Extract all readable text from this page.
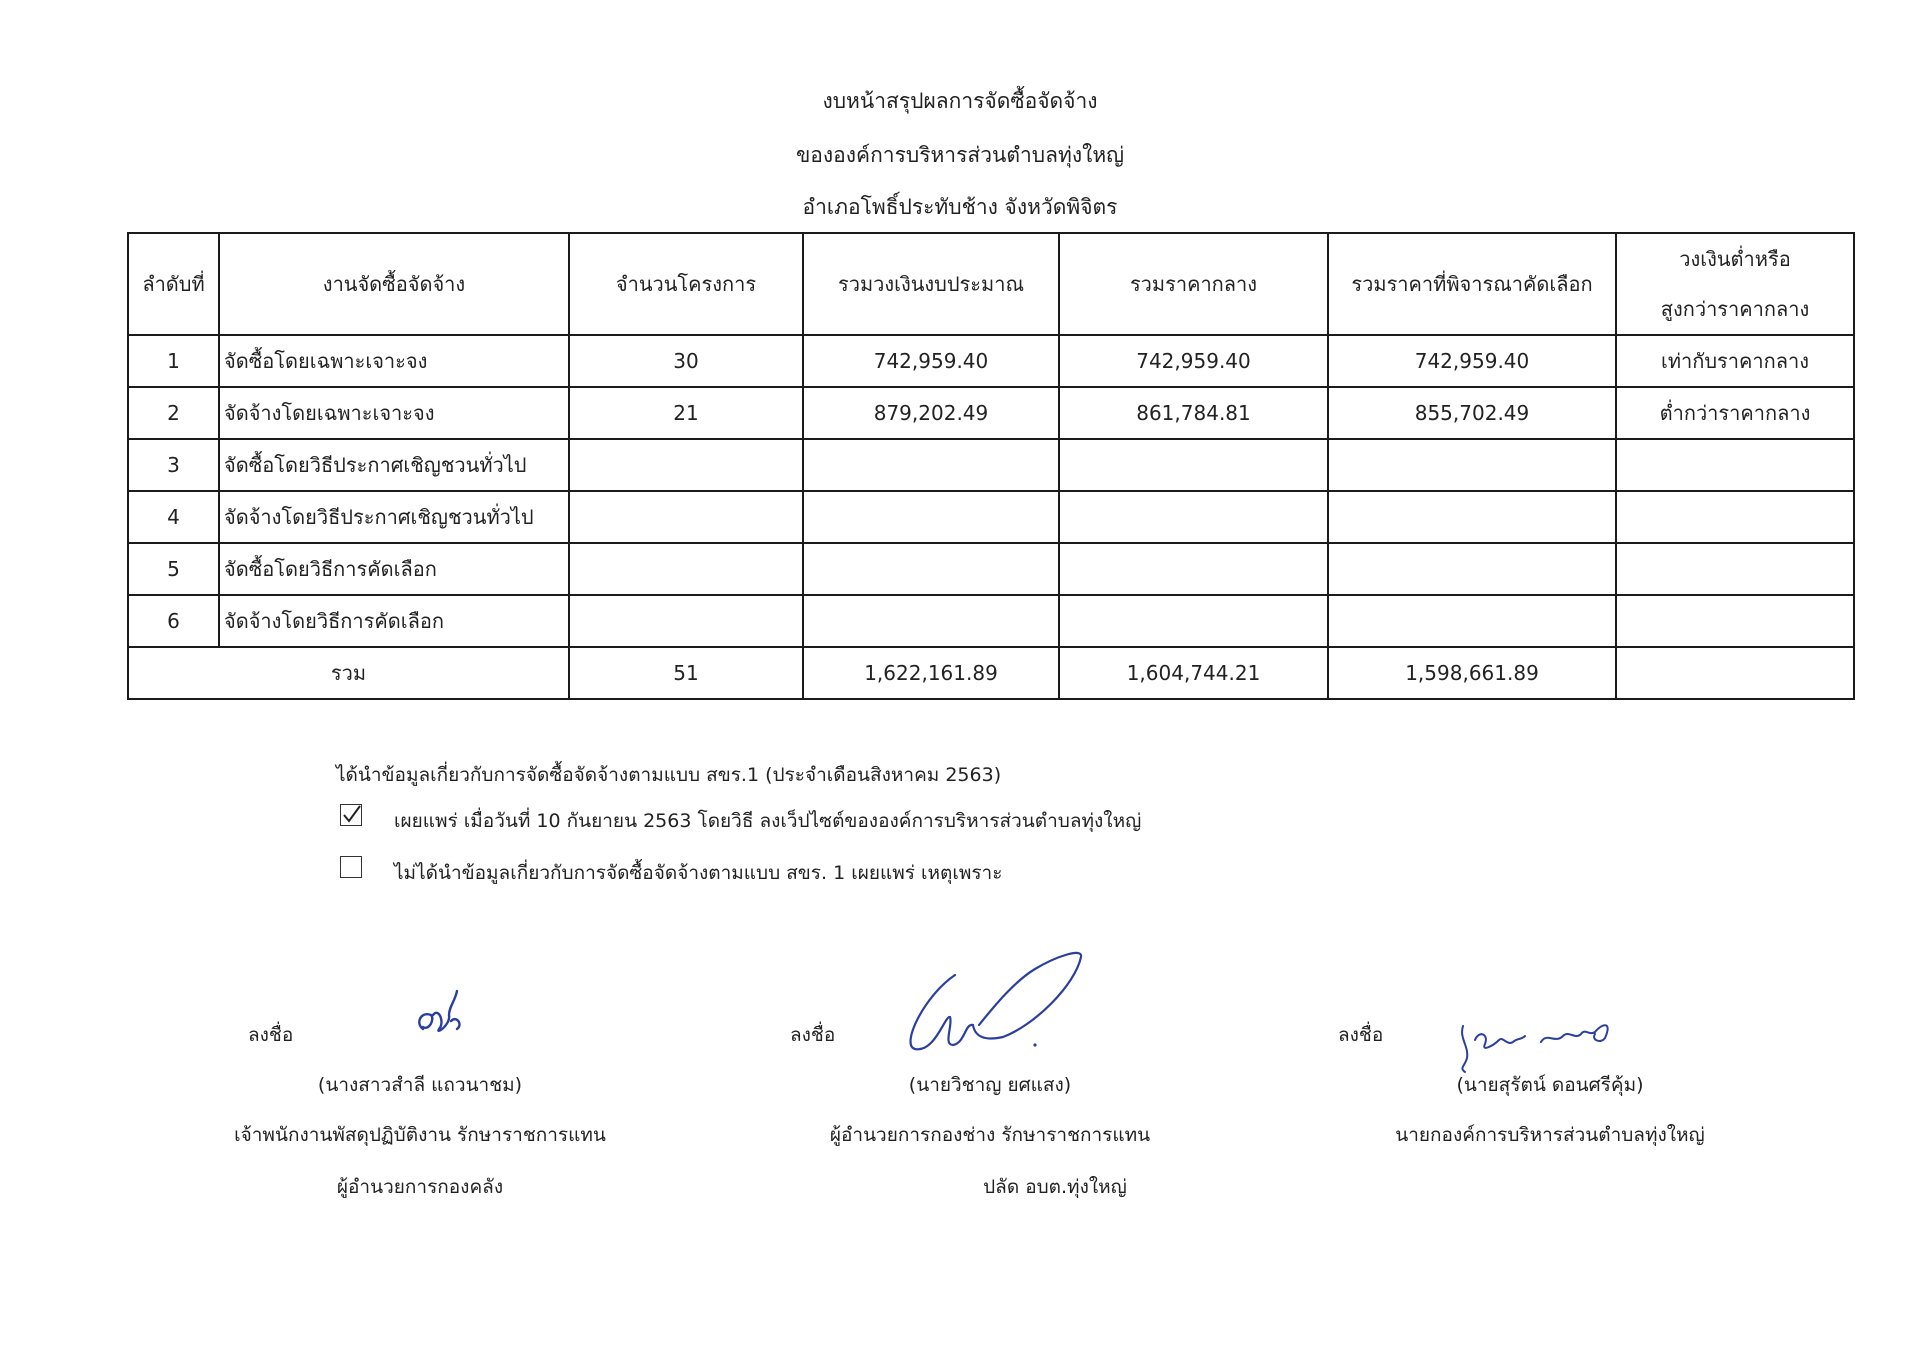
งบหน้าสรุปผลการจัดซื้อจัดจ้าง
ขององค์การบริหารส่วนตำบลทุ่งใหญ่
อำเภอโพธิ์ประทับช้าง จังหวัดพิจิตร
ลำดับที่	งานจัดซื้อจัดจ้าง	จำนวนโครงการ	รวมวงเงินงบประมาณ	รวมราคากลาง	รวมราคาที่พิจารณาคัดเลือก	วงเงินต่ำหรือ
สูงกว่าราคากลาง

1	จัดซื้อโดยเฉพาะเจาะจง	30	742,959.40	742,959.40	742,959.40	เท่ากับราคากลาง
2	จัดจ้างโดยเฉพาะเจาะจง	21	879,202.49	861,784.81	855,702.49	ต่ำกว่าราคากลาง
3	จัดซื้อโดยวิธีประกาศเชิญชวนทั่วไป					
4	จัดจ้างโดยวิธีประกาศเชิญชวนทั่วไป					
5	จัดซื้อโดยวิธีการคัดเลือก					
6	จัดจ้างโดยวิธีการคัดเลือก					
รวม		51	1,622,161.89	1,604,744.21	1,598,661.89	
ได้นำข้อมูลเกี่ยวกับการจัดซื้อจัดจ้างตามแบบ สขร.1 (ประจำเดือนสิงหาคม 2563)
เผยแพร่ เมื่อวันที่ 10 กันยายน 2563 โดยวิธี ลงเว็ปไซต์ขององค์การบริหารส่วนตำบลทุ่งใหญ่
ไม่ได้นำข้อมูลเกี่ยวกับการจัดซื้อจัดจ้างตามแบบ สขร. 1 เผยแพร่ เหตุเพราะ
ลงชื่อ
(นางสาวสำลี แถวนาชม)
เจ้าพนักงานพัสดุปฏิบัติงาน รักษาราชการแทน
ผู้อำนวยการกองคลัง
ลงชื่อ
(นายวิชาญ ยศแสง)
ผู้อำนวยการกองช่าง รักษาราชการแทน
ปลัด อบต.ทุ่งใหญ่
ลงชื่อ
(นายสุรัตน์ ดอนศรีคุ้ม)
นายกองค์การบริหารส่วนตำบลทุ่งใหญ่
